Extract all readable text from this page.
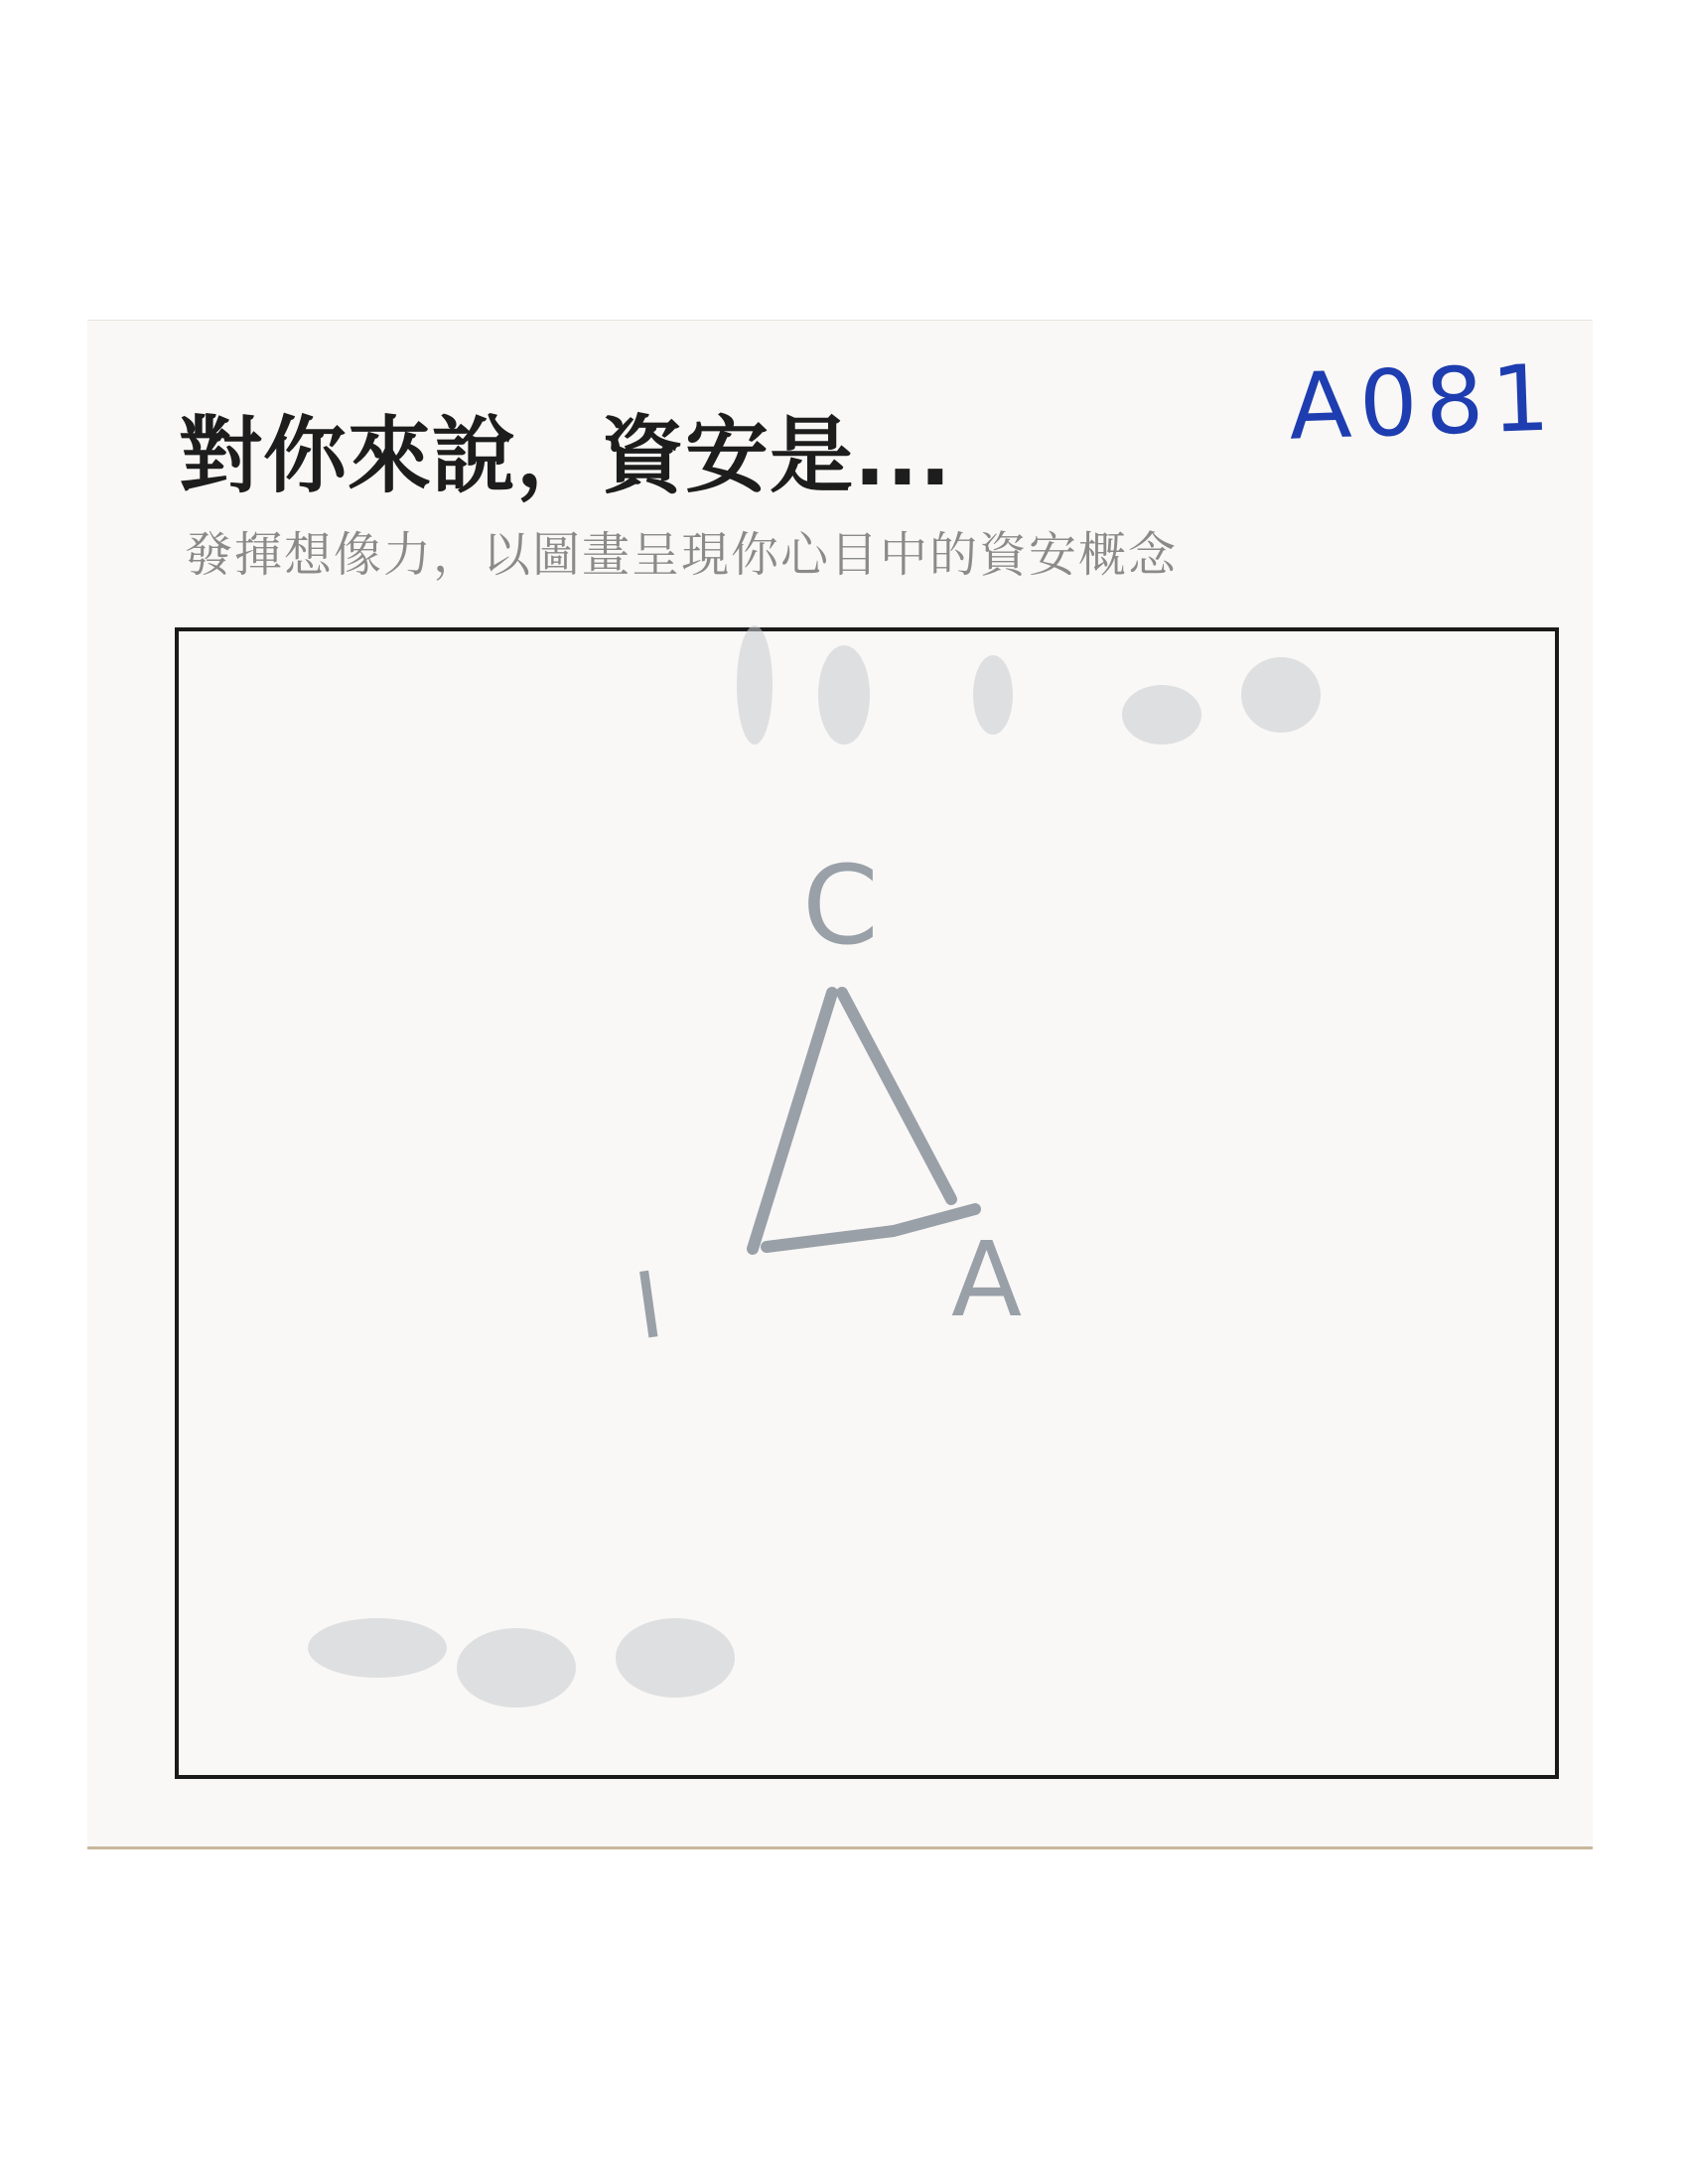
對你來說，資安是...

發揮想像力，以圖畫呈現你心目中的資安概念

A081
C
I	A
